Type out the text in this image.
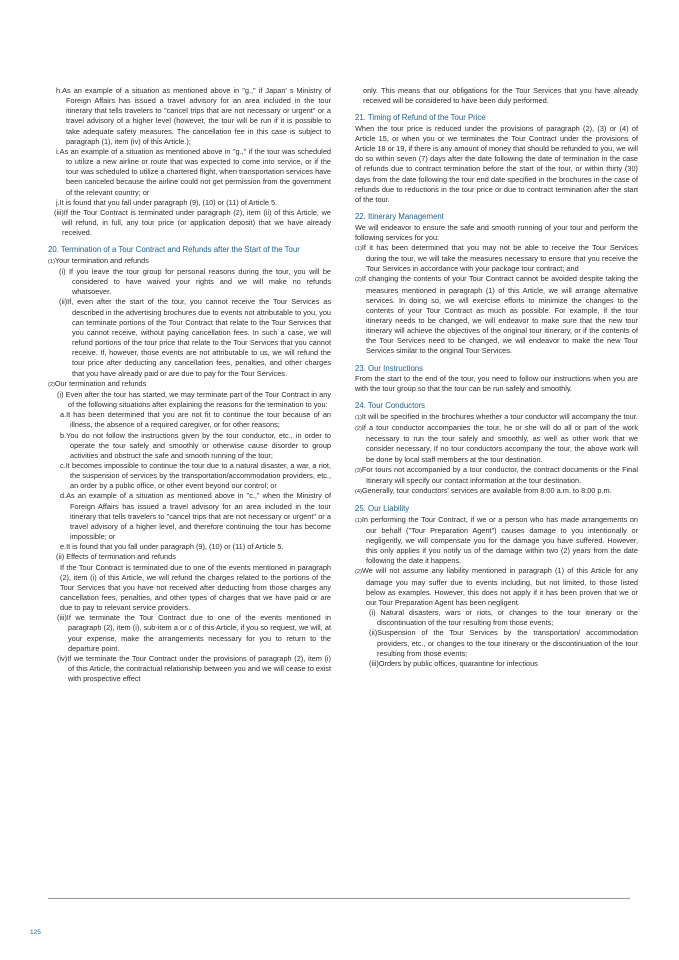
h.As an example of a situation as mentioned above in "g.," if Japan' s Ministry of Foreign Affairs has issued a travel advisory for an area included in the tour itinerary that tells travelers to "cancel trips that are not necessary or urgent" or a travel advisory of a higher level (however, the tour will be run if it is possible to take adequate safety measures. The cancellation fee in this case is subject to paragraph (1), item (iv) of this Article.);

i.As an example of a situation as mentioned above in "g.," if the tour was scheduled to utilize a new airline or route that was expected to come into service, or if the tour was scheduled to utilize a chartered flight, when transportation services have been canceled because the airline could not get permission from the government of the relevant country; or

j.It is found that you fall under paragraph (9), (10) or (11) of Article 5.

(iii)If the Tour Contract is terminated under paragraph (2), item (ii) of this Article, we will refund, in full, any tour price (or application deposit) that we have already received.

20. Termination of a Tour Contract and Refunds after the Start of the Tour

(1)Your termination and refunds

(i) If you leave the tour group for personal reasons during the tour, you will be considered to have waived your rights and we will make no refunds whatsoever.

(ii)If, even after the start of the tour, you cannot receive the Tour Services as described in the advertising brochures due to events not attributable to you, you can terminate portions of the Tour Contract that relate to the Tour Services that you cannot receive, without paying cancellation fees. In such a case, we will refund portions of the tour price that relate to the Tour Services that you cannot receive. If, however, those events are not attributable to us, we will refund the tour price after deducting any cancellation fees, penalties, and other charges that you have already paid or are due to pay for the Tour Services.

(2)Our termination and refunds

(i) Even after the tour has started, we may terminate part of the Tour Contract in any of the following situations after explaining the reasons for the termination to you:

a.It has been determined that you are not fit to continue the tour because of an illness, the absence of a required caregiver, or for other reasons;

b.You do not follow the instructions given by the tour conductor, etc., in order to operate the tour safely and smoothly or otherwise cause disorder to group activities and obstruct the safe and smooth running of the tour;

c.It becomes impossible to continue the tour due to a natural disaster, a war, a riot, the suspension of services by the transportation/accommodation providers, etc., an order by a public office, or other event beyond our control; or

d.As an example of a situation as mentioned above in "c.," when the Ministry of Foreign Affairs has issued a travel advisory for an area included in the tour itinerary that tells travelers to "cancel trips that are not necessary or urgent" or a travel advisory of a higher level, and therefore continuing the tour has become impossible; or

e.It is found that you fall under paragraph (9), (10) or (11) of Article 5.

(ii) Effects of termination and refunds

If the Tour Contract is terminated due to one of the events mentioned in paragraph (2), item (i) of this Article, we will refund the charges related to the portions of the Tour Services that you have not received after deducting from those charges any cancellation fees, penalties, and other types of charges that we have paid or are due to pay to relevant service providers.

(iii)If we terminate the Tour Contract due to one of the events mentioned in paragraph (2), item (i), sub-item a or c of this Article, if you so request, we will, at your expense, make the arrangements necessary for you to return to the departure point.

(iv)If we terminate the Tour Contract under the provisions of paragraph (2), item (i) of this Article, the contractual relationship between you and we will cease to exist with prospective effect

only. This means that our obligations for the Tour Services that you have already received will be considered to have been duly performed.

21. Timing of Refund of the Tour Price

When the tour price is reduced under the provisions of paragraph (2), (3) or (4) of Article 15, or when you or we terminates the Tour Contract under the provisions of Article 18 or 19, if there is any amount of money that should be refunded to you, we will do so within seven (7) days after the date following the date of termination in the case of refunds due to contract termination before the start of the tour, or within thirty (30) days from the date following the tour end date specified in the brochures in the case of refunds due to reductions in the tour price or due to contract termination after the start of the tour.

22. Itinerary Management

We will endeavor to ensure the safe and smooth running of your tour and perform the following services for you:

(1)If it has been determined that you may not be able to receive the Tour Services during the tour, we will take the measures necessary to ensure that you receive the Tour Services in accordance with your package tour contract; and

(2)If changing the contents of your Tour Contract cannot be avoided despite taking the measures mentioned in paragraph (1) of this Article, we will arrange alternative services. In doing so, we will exercise efforts to minimize the changes to the contents of your Tour Contract as much as possible. For example, if the tour itinerary needs to be changed, we will endeavor to make sure that the new tour itinerary will achieve the objectives of the original tour itinerary, or if the contents of the Tour Services need to be changed, we will endeavor to make the new Tour Services similar to the original Tour Services.

23. Our Instructions

From the start to the end of the tour, you need to follow our instructions when you are with the tour group so that the tour can be run safely and smoothly.

24. Tour Conductors

(1)It will be specified in the brochures whether a tour conductor will accompany the tour.

(2)If a tour conductor accompanies the tour, he or she will do all or part of the work necessary to run the tour safely and smoothly, as well as other work that we consider necessary. If no tour conductors accompany the tour, the above work will be done by local staff members at the tour destination.

(3)For tours not accompanied by a tour conductor, the contract documents or the Final Itinerary will specify our contact information at the tour destination.

(4)Generally, tour conductors' services are available from 8:00 a.m. to 8:00 p.m.

25. Our Liability

(1)In performing the Tour Contract, if we or a person who has made arrangements on our behalf ("Tour Preparation Agent") causes damage to you intentionally or negligently, we will compensate you for the damage you have suffered. However, this only applies if you notify us of the damage within two (2) years from the date following the date it happens.

(2)We will not assume any liability mentioned in paragraph (1) of this Article for any damage you may suffer due to events including, but not limited, to those listed below as examples. However, this does not apply if it has been proven that we or our Tour Preparation Agent has been negligent.

(i) Natural disasters, wars or riots, or changes to the tour itinerary or the discontinuation of the tour resulting from those events;

(ii)Suspension of the Tour Services by the transportation/ accommodation providers, etc., or changes to the tour itinerary or the discontinuation of the tour resulting from those events;

(iii)Orders by public offices, quarantine for infectious

125
